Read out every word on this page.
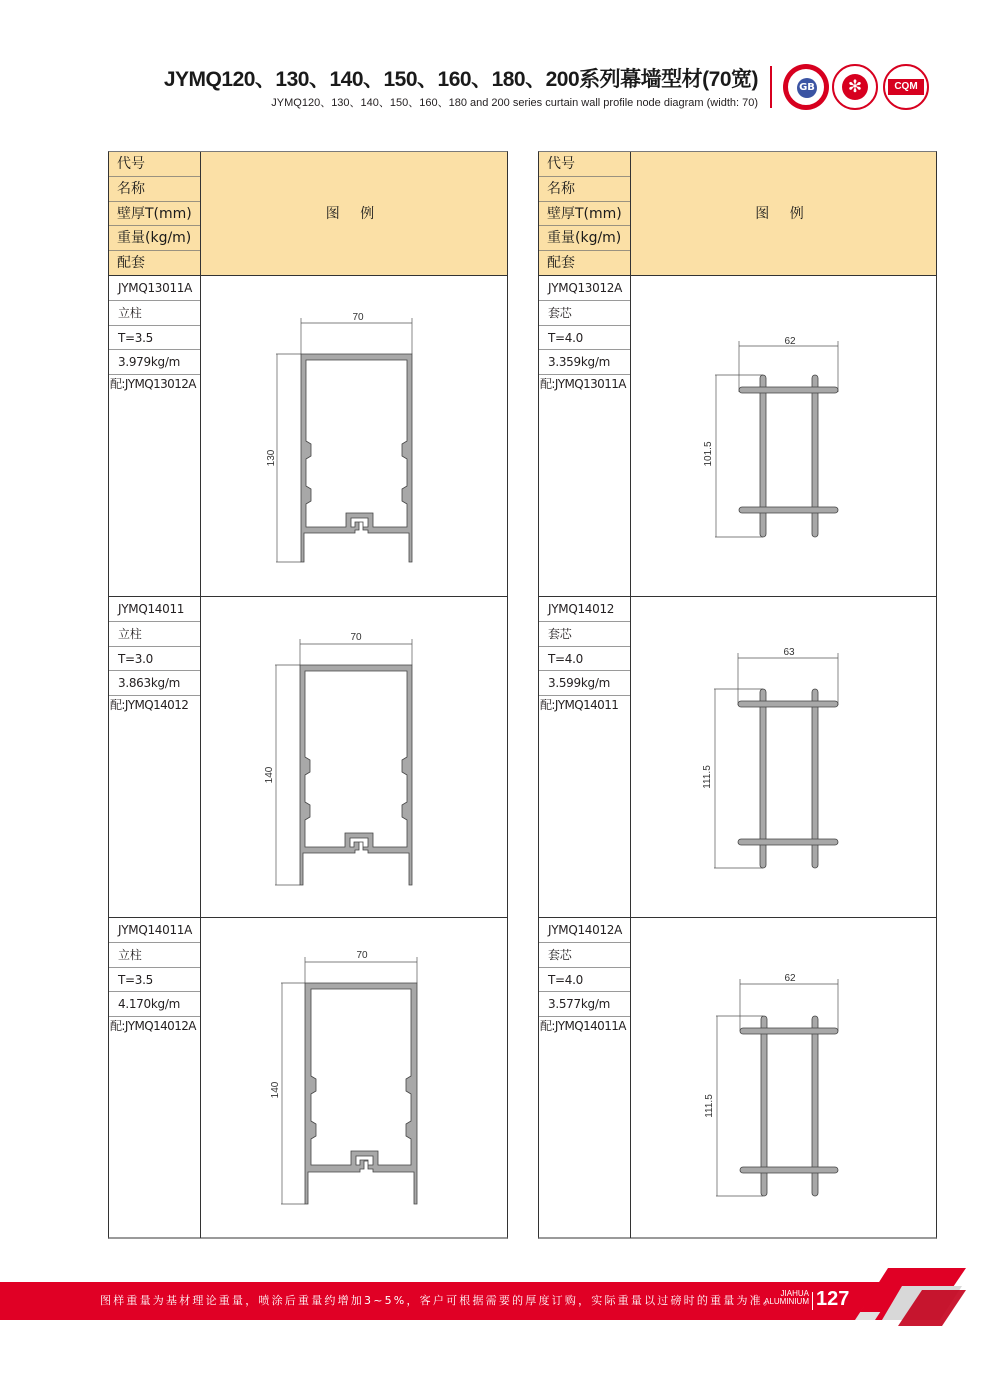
JYMQ120、130、140、150、160、180、200系列幕墙型材(70宽)
JYMQ120、130、140、150、160、180 and 200 series curtain wall profile node diagram (width: 70)
GB	✻	CQM
代号
名称
壁厚T(mm)
重量(kg/m)
配套
图 例
JYMQ13011A
立柱
T=3.5
3.979kg/m
配:JYMQ13012A
70
130
JYMQ14011
立柱
T=3.0
3.863kg/m
配:JYMQ14012
70
140
JYMQ14011A
立柱
T=3.5
4.170kg/m
配:JYMQ14012A
70
140
代号
名称
壁厚T(mm)
重量(kg/m)
配套
图 例
JYMQ13012A
套芯
T=4.0
3.359kg/m
配:JYMQ13011A
62
101.5
JYMQ14012
套芯
T=4.0
3.599kg/m
配:JYMQ14011
63
111.5
JYMQ14012A
套芯
T=4.0
3.577kg/m
配:JYMQ14011A
62
111.5
图样重量为基材理论重量，喷涂后重量约增加3~5%，客户可根据需要的厚度订购，实际重量以过磅时的重量为准。
JIAHUA
ALUMINIUM 127
